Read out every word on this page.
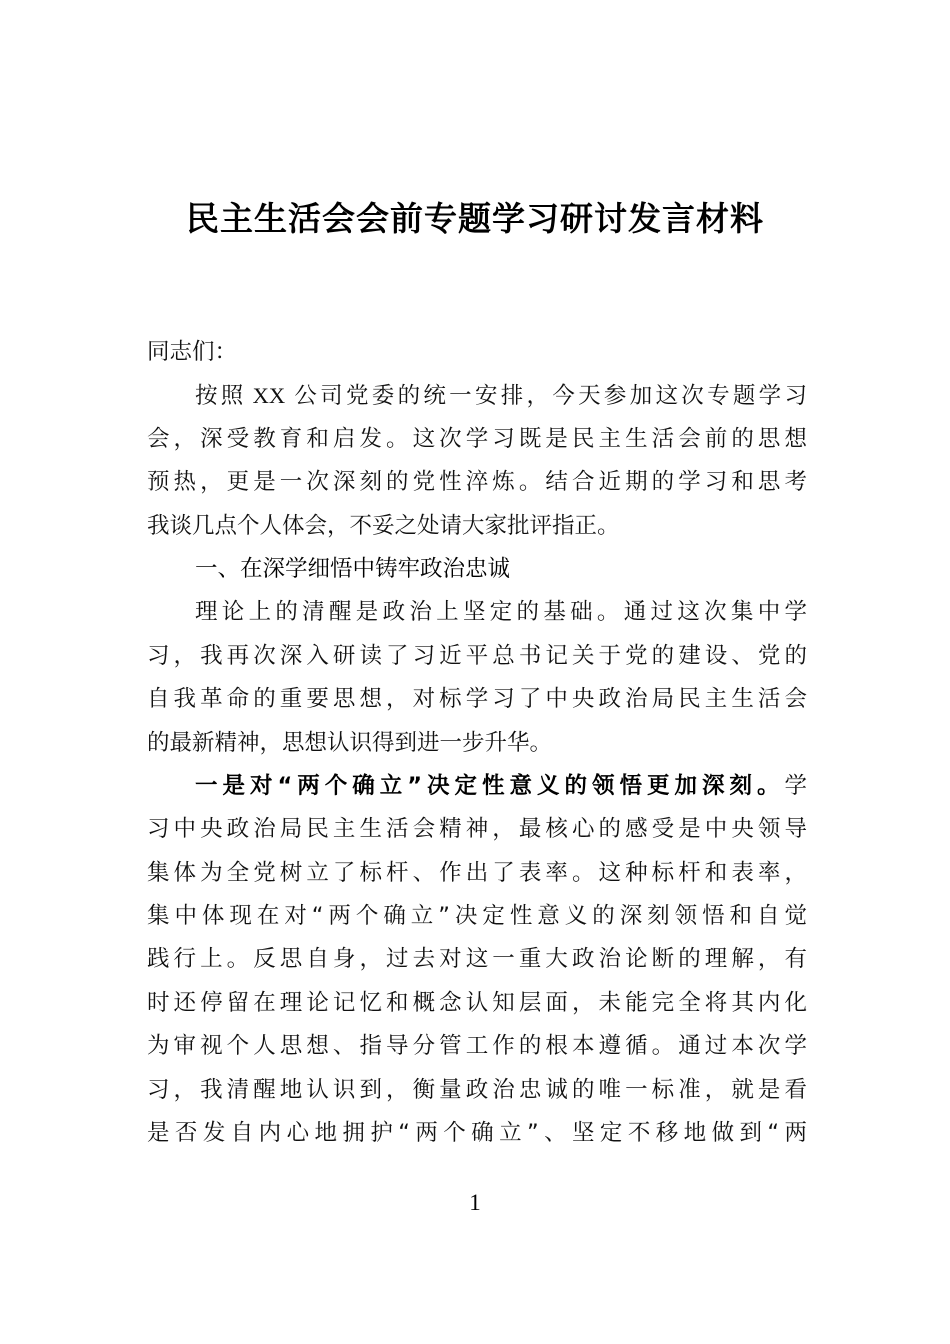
民主生活会会前专题学习研讨发言材料
同志们：
按照 XX 公司党委的统一安排，今天参加这次专题学习
会，深受教育和启发。这次学习既是民主生活会前的思想
预热，更是一次深刻的党性淬炼。结合近期的学习和思考
我谈几点个人体会，不妥之处请大家批评指正。
一、在深学细悟中铸牢政治忠诚
理论上的清醒是政治上坚定的基础。通过这次集中学
习，我再次深入研读了习近平总书记关于党的建设、党的
自我革命的重要思想，对标学习了中央政治局民主生活会
的最新精神，思想认识得到进一步升华。
一是对“两个确立”决定性意义的领悟更加深刻。学
习中央政治局民主生活会精神，最核心的感受是中央领导
集体为全党树立了标杆、作出了表率。这种标杆和表率，
集中体现在对“两个确立”决定性意义的深刻领悟和自觉
践行上。反思自身，过去对这一重大政治论断的理解，有
时还停留在理论记忆和概念认知层面，未能完全将其内化
为审视个人思想、指导分管工作的根本遵循。通过本次学
习，我清醒地认识到，衡量政治忠诚的唯一标准，就是看
是否发自内心地拥护“两个确立”、坚定不移地做到“两
1
